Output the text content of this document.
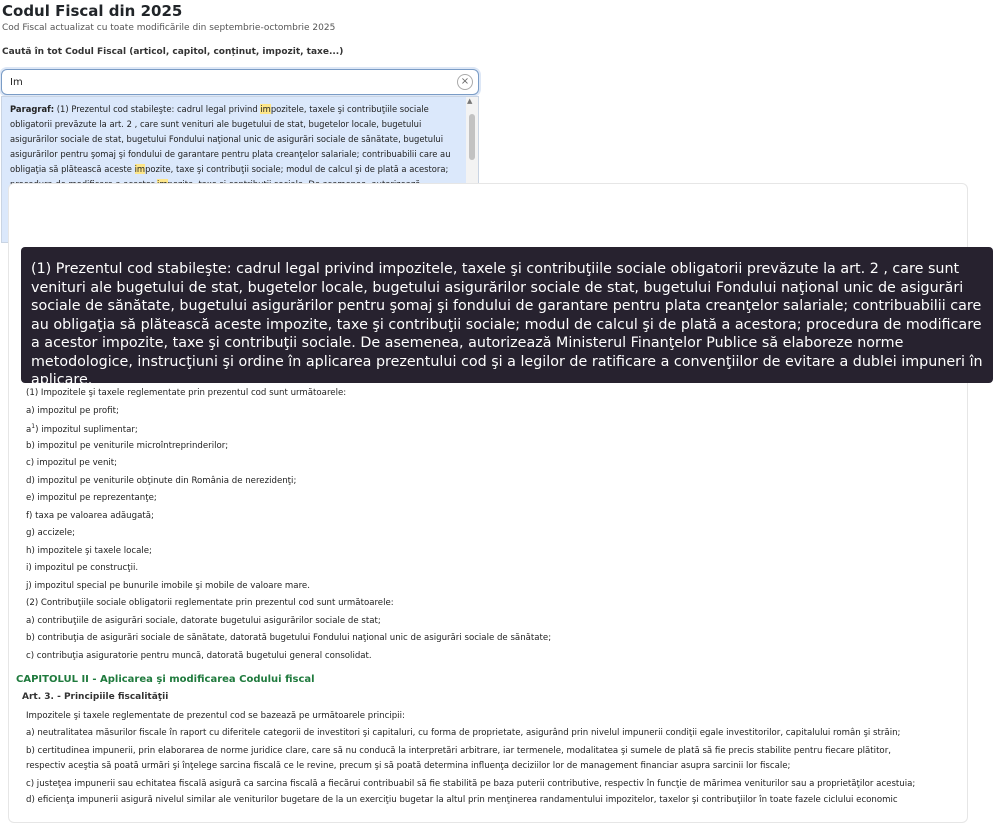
Codul Fiscal din 2025
Cod Fiscal actualizat cu toate modificările din septembrie-octombrie 2025
Caută în tot Codul Fiscal (articol, capitol, conținut, impozit, taxe...)
Im
×
Paragraf: (1) Prezentul cod stabileşte: cadrul legal privind impozitele, taxele şi contribuţiile sociale obligatorii prevăzute la art. 2 , care sunt venituri ale bugetului de stat, bugetelor locale, bugetului asigurărilor sociale de stat, bugetului Fondului naţional unic de asigurări sociale de sănătate, bugetului asigurărilor pentru şomaj şi fondului de garantare pentru plata creanţelor salariale; contribuabilii care au obligaţia să plătească aceste impozite, taxe şi contribuţii sociale; modul de calcul şi de plată a acestora;
▲
(1) Prezentul cod stabileşte: cadrul legal privind impozitele, taxele şi contribuţiile sociale obligatorii prevăzute la art. 2 , care sunt venituri ale bugetului de stat, bugetelor locale, bugetului asigurărilor sociale de stat, bugetului Fondului naţional unic de asigurări sociale de sănătate, bugetului asigurărilor pentru şomaj şi fondului de garantare pentru plata creanţelor salariale; contribuabilii care au obligaţia să plătească aceste impozite, taxe şi contribuţii sociale; modul de calcul şi de plată a acestora; procedura de modificare a acestor impozite, taxe şi contribuţii sociale. De asemenea, autorizează Ministerul Finanţelor Publice să elaboreze norme metodologice, instrucţiuni şi ordine în aplicarea prezentului cod şi a legilor de ratificare a convenţiilor de evitare a dublei impuneri în aplicare.
(1) Impozitele şi taxele reglementate prin prezentul cod sunt următoarele:
a) impozitul pe profit;
$a^1$) impozitul suplimentar;
b) impozitul pe veniturile microîntreprinderilor;
c) impozitul pe venit;
d) impozitul pe veniturile obţinute din România de nerezidenţi;
e) impozitul pe reprezentanţe;
f) taxa pe valoarea adăugată;
g) accizele;
h) impozitele şi taxele locale;
i) impozitul pe construcţii.
j) impozitul special pe bunurile imobile şi mobile de valoare mare.
(2) Contribuţiile sociale obligatorii reglementate prin prezentul cod sunt următoarele:
a) contribuţiile de asigurări sociale, datorate bugetului asigurărilor sociale de stat;
b) contribuţia de asigurări sociale de sănătate, datorată bugetului Fondului naţional unic de asigurări sociale de sănătate;
c) contribuţia asiguratorie pentru muncă, datorată bugetului general consolidat.
CAPITOLUL II - Aplicarea şi modificarea Codului fiscal
Art. 3. - Principiile fiscalităţii
Impozitele şi taxele reglementate de prezentul cod se bazează pe următoarele principii:
a) neutralitatea măsurilor fiscale în raport cu diferitele categorii de investitori şi capitaluri, cu forma de proprietate, asigurând prin nivelul impunerii condiţii egale investitorilor, capitalului român şi străin;
b) certitudinea impunerii, prin elaborarea de norme juridice clare, care să nu conducă la interpretări arbitrare, iar termenele, modalitatea şi sumele de plată să fie precis stabilite pentru fiecare plătitor,
respectiv aceştia să poată urmări şi înţelege sarcina fiscală ce le revine, precum şi să poată determina influenţa deciziilor lor de management financiar asupra sarcinii lor fiscale;
c) justeţea impunerii sau echitatea fiscală asigură ca sarcina fiscală a fiecărui contribuabil să fie stabilită pe baza puterii contributive, respectiv în funcţie de mărimea veniturilor sau a proprietăţilor acestuia;
d) eficienţa impunerii asigură nivelul similar ale veniturilor bugetare de la un exerciţiu bugetar la altul prin menţinerea randamentului impozitelor, taxelor şi contribuţiilor în toate fazele ciclului economic
